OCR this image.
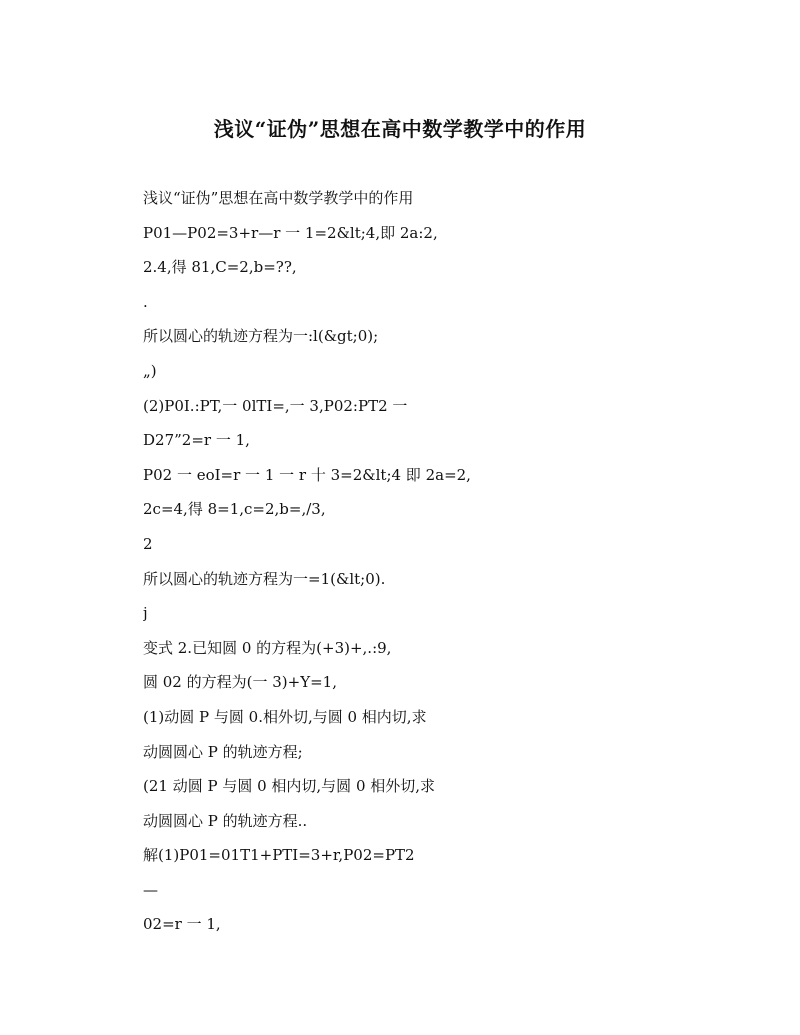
浅议“证伪”思想在高中数学教学中的作用
浅议“证伪”思想在高中数学教学中的作用
P01—P02=3+r—r 一 1=2&lt;4,即 2a:2,
2.4,得 81,C=2,b=??,
.
所以圆心的轨迹方程为一:l(&gt;0);
„)
(2)P0I.:PT,一 0lTI=,一 3,P02:PT2 一
D27”2=r 一 1,
P02 一 eoI=r 一 1 一 r 十 3=2&lt;4 即 2a=2,
2c=4,得 8=1,c=2,b=,/3,
2
所以圆心的轨迹方程为一=1(&lt;0).
j
变式 2.已知圆 0 的方程为(+3)+,.:9,
圆 02 的方程为(一 3)+Y=1,
(1)动圆 P 与圆 0.相外切,与圆 0 相内切,求
动圆圆心 P 的轨迹方程;
(21 动圆 P 与圆 0 相内切,与圆 0 相外切,求
动圆圆心 P 的轨迹方程..
解(1)P01=01T1+PTI=3+r,P02=PT2
—
02=r 一 1,
